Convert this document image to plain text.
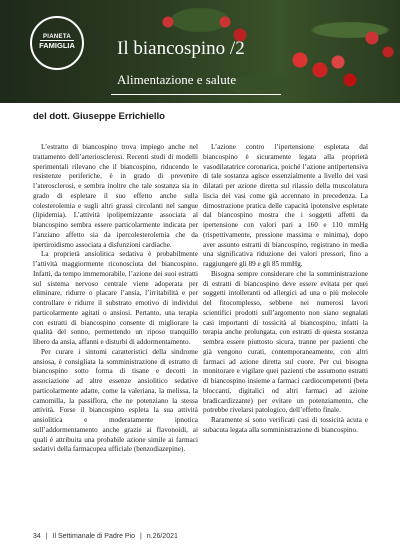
PIANETA
FAMIGLIA	Il biancospino /2
Alimentazione e salute
del dott. Giuseppe Errichiello

L’estratto di biancospino trova impiego anche nel trattamento dell’arteriosclerosi. Recenti studi di modelli sperimentali rilevano che il biancospino, riducendo le resistenze periferiche, è in grado di prevenire l’aterosclerosi, e sembra inoltre che tale sostanza sia in grado di espletare il suo effetto anche sulla colesterolemia e sugli altri grassi circolanti nel sangue (lipidemia). L’attività ipolipemizzante associata al biancospino sembra essere particolarmente indicata per l’anziano affetto sia da ipercolesterolemia che da ipertiroidismo associata a disfunzioni cardiache.

La proprietà ansiolitica sedativa è probabilmente l’attività maggiormente riconosciuta del biancospino. Infatti, da tempo immemorabile, l’azione dei suoi estratti sul sistema nervoso centrale viene adoperata per eliminare, ridurre o placare l’ansia, l’irritabilità e per controllare e ridurre il substrato emotivo di individui particolarmente agitati o ansiosi. Pertanto, una terapia con estratti di biancospino consente di migliorare la qualità del sonno, permettendo un riposo tranquillo libero da ansia, affanni e disturbi di addormentamento.

Per curare i sintomi caratteristici della sindrome ansiosa, è consigliata la somministrazione di estratto di biancospino sotto forma di tisane e decotti in associazione ad altre essenze ansiolitico sedative particolarmente adatte, come la valeriana, la melissa, la camomilla, la passiflora, che ne potenziano la stessa attività. Forse il biancospino espleta la sua attività ansiolitica e moderatamente ipnotica sull’addormentamento anche grazie ai flavonoidi, ai quali è attribuita una probabile azione simile ai farmaci sedativi della farmacopea ufficiale (benzodiazepine).

L’azione contro l’ipertensione espletata dal biancospino è sicuramente legata alla proprietà vasodilatatrice coronarica, poiché l’azione antipertensiva di tale sostanza agisce essenzialmente a livello dei vasi dilatati per azione diretta sul rilassio della muscolatura liscia dei vasi come già accennato in precedenza. La dimostrazione pratica delle capacità ipotensive espletate dal biancospino mostra che i soggetti affetti da ipertensione con valori pari a 160 e 110 mmHg (rispettivamente, pressione massima e minima), dopo aver assunto estratti di biancospino, registrano in media una significativa riduzione dei valori pressori, fino a raggiungere gli 89 e gli 85 mmHg.

Bisogna sempre considerare che la somministrazione di estratti di biancospino deve essere evitata per quei soggetti intolleranti od allergici ad una o più molecole del fitocomplesso, sebbene nei numerosi lavori scientifici prodotti sull’argomento non siano segnalati casi importanti di tossicità al biancospino, infatti la terapia anche prolungata, con estratti di questa sostanza sembra essere piuttosto sicura, tranne per pazienti che già vengono curati, contemporaneamente, con altri farmaci ad azione diretta sul cuore. Per cui bisogna monitorare e vigilare quei pazienti che assumono estratti di biancospino insieme a farmaci cardiocompetenti (beta bloccanti, digitalici od altri farmaci ad azione bradicardizzante) per evitare un potenziamento, che potrebbe rivelarsi patologico, dell’effetto finale.

Raramente si sono verificati casi di tossicità acuta e subacuta legata alla somministrazione di biancospino.

34 | Il Settimanale di Padre Pio | n.26/2021
